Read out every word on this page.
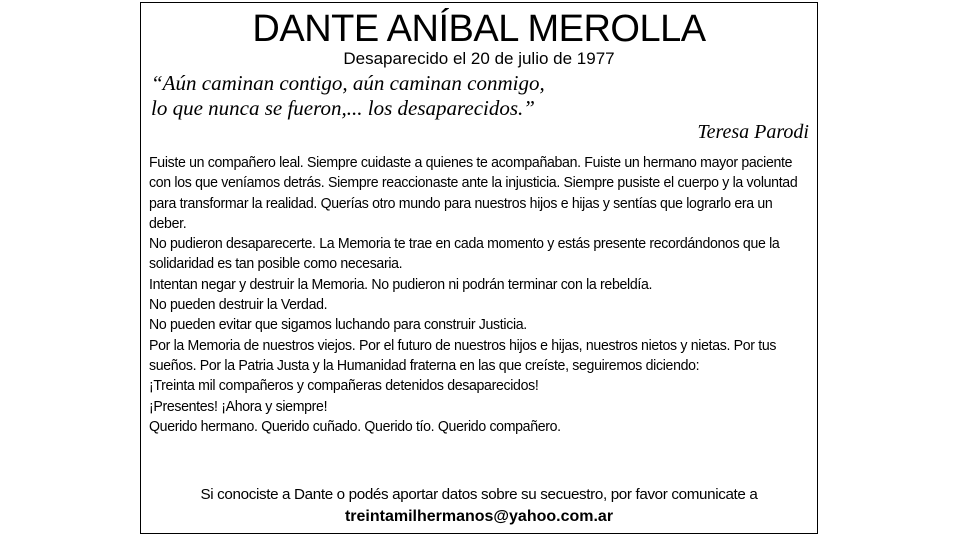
DANTE ANÍBAL MEROLLA
Desaparecido el 20 de julio de 1977
“Aún caminan contigo, aún caminan conmigo,
lo que nunca se fueron,... los desaparecidos.”
Teresa Parodi

Fuiste un compañero leal. Siempre cuidaste a quienes te acompañaban. Fuiste un hermano mayor paciente con los que veníamos detrás. Siempre reaccionaste ante la injusticia. Siempre pusiste el cuerpo y la voluntad para transformar la realidad. Querías otro mundo para nuestros hijos e hijas y sentías que lograrlo era un deber.

No pudieron desaparecerte. La Memoria te trae en cada momento y estás presente recordándonos que la solidaridad es tan posible como necesaria.

Intentan negar y destruir la Memoria. No pudieron ni podrán terminar con la rebeldía.

No pueden destruir la Verdad.

No pueden evitar que sigamos luchando para construir Justicia.

Por la Memoria de nuestros viejos. Por el futuro de nuestros hijos e hijas, nuestros nietos y nietas. Por tus sueños. Por la Patria Justa y la Humanidad fraterna en las que creíste, seguiremos diciendo:

¡Treinta mil compañeros y compañeras detenidos desaparecidos!

¡Presentes! ¡Ahora y siempre!

Querido hermano. Querido cuñado. Querido tío. Querido compañero.

Si conociste a Dante o podés aportar datos sobre su secuestro, por favor comunicate a
treintamilhermanos@yahoo.com.ar
